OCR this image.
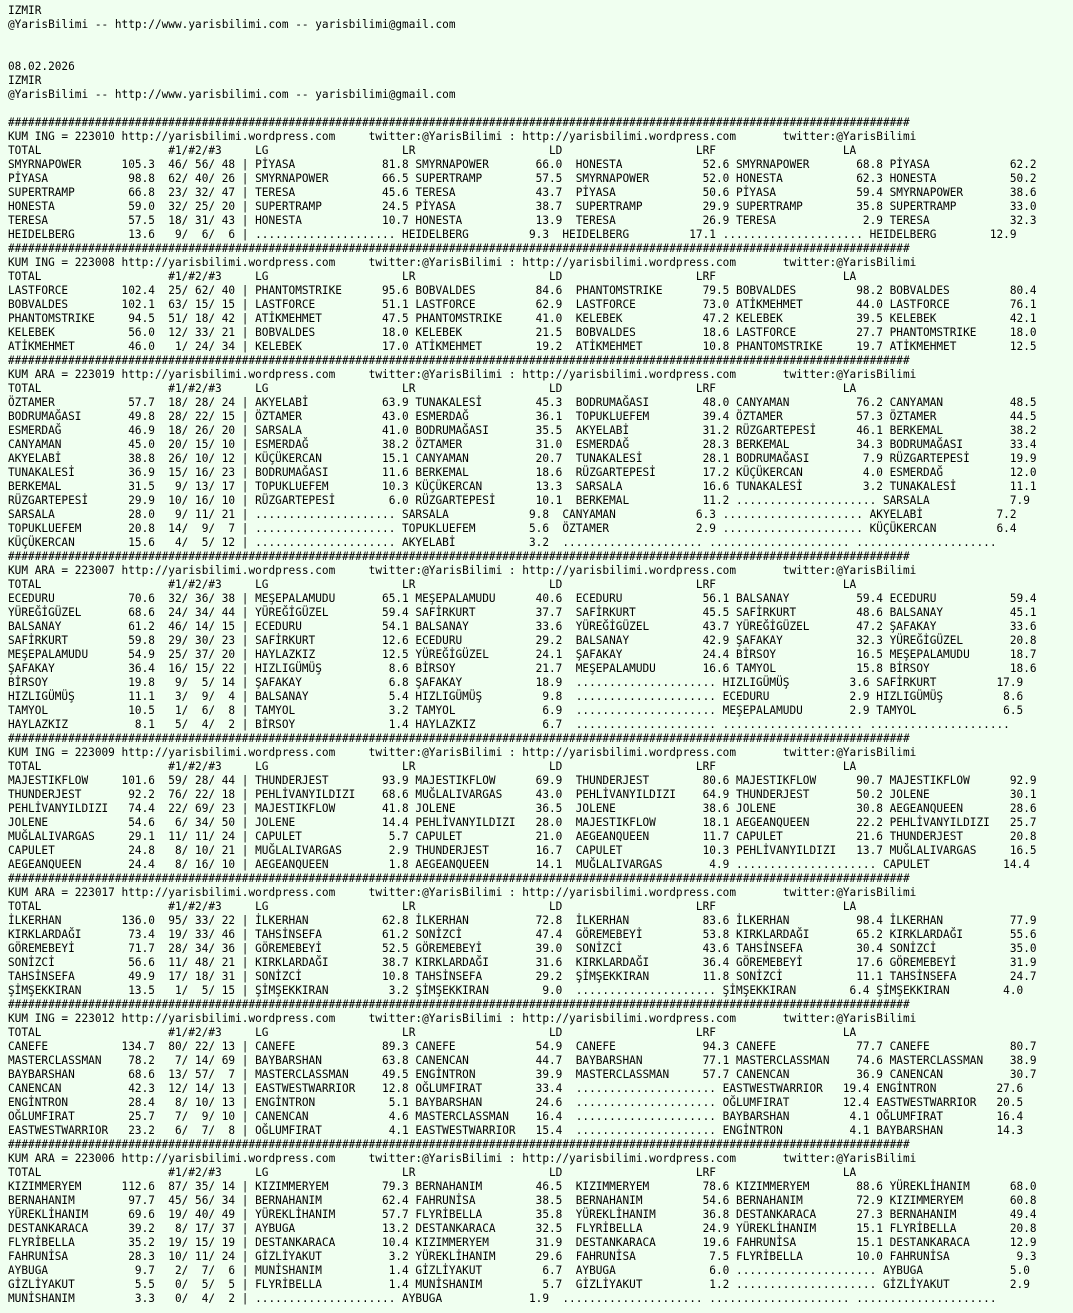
IZMIR
@YarisBilimi -- http://www.yarisbilimi.com -- yarisbilimi@gmail.com
08.02.2026
IZMIR
@YarisBilimi -- http://www.yarisbilimi.com -- yarisbilimi@gmail.com
#######################################################################################################################################
KUM ING = 223010 http://yarisbilimi.wordpress.com     twitter:@YarisBilimi : http://yarisbilimi.wordpress.com       twitter:@YarisBilimi
TOTAL                   #1/#2/#3     LG                    LR                    LD                    LRF                   LA
SMYRNAPOWER      105.3  46/ 56/ 48 | PİYASA             81.8 SMYRNAPOWER       66.0  HONESTA            52.6 SMYRNAPOWER       68.8 PİYASA            62.2
PİYASA            98.8  62/ 40/ 26 | SMYRNAPOWER        66.5 SUPERTRAMP        57.5  SMYRNAPOWER        52.0 HONESTA           62.3 HONESTA           50.2
SUPERTRAMP        66.8  23/ 32/ 47 | TERESA             45.6 TERESA            43.7  PİYASA             50.6 PİYASA            59.4 SMYRNAPOWER       38.6
HONESTA           59.0  32/ 25/ 20 | SUPERTRAMP         24.5 PİYASA            38.7  SUPERTRAMP         29.9 SUPERTRAMP        35.8 SUPERTRAMP        33.0
TERESA            57.5  18/ 31/ 43 | HONESTA            10.7 HONESTA           13.9  TERESA             26.9 TERESA             2.9 TERESA            32.3
HEIDELBERG        13.6   9/  6/  6 | ..................... HEIDELBERG         9.3  HEIDELBERG         17.1 ..................... HEIDELBERG        12.9
#######################################################################################################################################
KUM ING = 223008 http://yarisbilimi.wordpress.com     twitter:@YarisBilimi : http://yarisbilimi.wordpress.com       twitter:@YarisBilimi
TOTAL                   #1/#2/#3     LG                    LR                    LD                    LRF                   LA
LASTFORCE        102.4  25/ 62/ 40 | PHANTOMSTRIKE      95.6 BOBVALDES         84.6  PHANTOMSTRIKE      79.5 BOBVALDES         98.2 BOBVALDES         80.4
BOBVALDES        102.1  63/ 15/ 15 | LASTFORCE          51.1 LASTFORCE         62.9  LASTFORCE          73.0 ATİKMEHMET        44.0 LASTFORCE         76.1
PHANTOMSTRIKE     94.5  51/ 18/ 42 | ATİKMEHMET         47.5 PHANTOMSTRIKE     41.0  KELEBEK            47.2 KELEBEK           39.5 KELEBEK           42.1
KELEBEK           56.0  12/ 33/ 21 | BOBVALDES          18.0 KELEBEK           21.5  BOBVALDES          18.6 LASTFORCE         27.7 PHANTOMSTRIKE     18.0
ATİKMEHMET        46.0   1/ 24/ 34 | KELEBEK            17.0 ATİKMEHMET        19.2  ATİKMEHMET         10.8 PHANTOMSTRIKE     19.7 ATİKMEHMET        12.5
#######################################################################################################################################
KUM ARA = 223019 http://yarisbilimi.wordpress.com     twitter:@YarisBilimi : http://yarisbilimi.wordpress.com       twitter:@YarisBilimi
TOTAL                   #1/#2/#3     LG                    LR                    LD                    LRF                   LA
ÖZTAMER           57.7  18/ 28/ 24 | AKYELABİ           63.9 TUNAKALESİ        45.3  BODRUMAĞASI        48.0 CANYAMAN          76.2 CANYAMAN          48.5
BODRUMAĞASI       49.8  28/ 22/ 15 | ÖZTAMER            43.0 ESMERDAĞ          36.1  TOPUKLUEFEM        39.4 ÖZTAMER           57.3 ÖZTAMER           44.5
ESMERDAĞ          46.9  18/ 26/ 20 | SARSALA            41.0 BODRUMAĞASI       35.5  AKYELABİ           31.2 RÜZGARTEPESİ      46.1 BERKEMAL          38.2
CANYAMAN          45.0  20/ 15/ 10 | ESMERDAĞ           38.2 ÖZTAMER           31.0  ESMERDAĞ           28.3 BERKEMAL          34.3 BODRUMAĞASI       33.4
AKYELABİ          38.8  26/ 10/ 12 | KÜÇÜKERCAN         15.1 CANYAMAN          20.7  TUNAKALESİ         28.1 BODRUMAĞASI        7.9 RÜZGARTEPESİ      19.9
TUNAKALESİ        36.9  15/ 16/ 23 | BODRUMAĞASI        11.6 BERKEMAL          18.6  RÜZGARTEPESİ       17.2 KÜÇÜKERCAN         4.0 ESMERDAĞ          12.0
BERKEMAL          31.5   9/ 13/ 17 | TOPUKLUEFEM        10.3 KÜÇÜKERCAN        13.3  SARSALA            16.6 TUNAKALESİ         3.2 TUNAKALESİ        11.1
RÜZGARTEPESİ      29.9  10/ 16/ 10 | RÜZGARTEPESİ        6.0 RÜZGARTEPESİ      10.1  BERKEMAL           11.2 ..................... SARSALA            7.9
SARSALA           28.0   9/ 11/ 21 | ..................... SARSALA            9.8  CANYAMAN            6.3 ..................... AKYELABİ           7.2
TOPUKLUEFEM       20.8  14/  9/  7 | ..................... TOPUKLUEFEM        5.6  ÖZTAMER             2.9 ..................... KÜÇÜKERCAN         6.4
KÜÇÜKERCAN        15.6   4/  5/ 12 | ..................... AKYELABİ           3.2  ..................... ..................... .....................
#######################################################################################################################################
KUM ARA = 223007 http://yarisbilimi.wordpress.com     twitter:@YarisBilimi : http://yarisbilimi.wordpress.com       twitter:@YarisBilimi
TOTAL                   #1/#2/#3     LG                    LR                    LD                    LRF                   LA
ECEDURU           70.6  32/ 36/ 38 | MEŞEPALAMUDU       65.1 MEŞEPALAMUDU      40.6  ECEDURU            56.1 BALSANAY          59.4 ECEDURU           59.4
YÜREĞİGÜZEL       68.6  24/ 34/ 44 | YÜREĞİGÜZEL        59.4 SAFİRKURT         37.7  SAFİRKURT          45.5 SAFİRKURT         48.6 BALSANAY          45.1
BALSANAY          61.2  46/ 14/ 15 | ECEDURU            54.1 BALSANAY          33.6  YÜREĞİGÜZEL        43.7 YÜREĞİGÜZEL       47.2 ŞAFAKAY           33.6
SAFİRKURT         59.8  29/ 30/ 23 | SAFİRKURT          12.6 ECEDURU           29.2  BALSANAY           42.9 ŞAFAKAY           32.3 YÜREĞİGÜZEL       20.8
MEŞEPALAMUDU      54.9  25/ 37/ 20 | HAYLAZKIZ          12.5 YÜREĞİGÜZEL       24.1  ŞAFAKAY            24.4 BİRSOY            16.5 MEŞEPALAMUDU      18.7
ŞAFAKAY           36.4  16/ 15/ 22 | HIZLIGÜMÜŞ          8.6 BİRSOY            21.7  MEŞEPALAMUDU       16.6 TAMYOL            15.8 BİRSOY            18.6
BİRSOY            19.8   9/  5/ 14 | ŞAFAKAY             6.8 ŞAFAKAY           18.9  ..................... HIZLIGÜMÜŞ         3.6 SAFİRKURT         17.9
HIZLIGÜMÜŞ        11.1   3/  9/  4 | BALSANAY            5.4 HIZLIGÜMÜŞ         9.8  ..................... ECEDURU            2.9 HIZLIGÜMÜŞ         8.6
TAMYOL            10.5   1/  6/  8 | TAMYOL              3.2 TAMYOL             6.9  ..................... MEŞEPALAMUDU       2.9 TAMYOL             6.5
HAYLAZKIZ          8.1   5/  4/  2 | BİRSOY              1.4 HAYLAZKIZ          6.7  ..................... ..................... .....................
#######################################################################################################################################
KUM ING = 223009 http://yarisbilimi.wordpress.com     twitter:@YarisBilimi : http://yarisbilimi.wordpress.com       twitter:@YarisBilimi
TOTAL                   #1/#2/#3     LG                    LR                    LD                    LRF                   LA
MAJESTIKFLOW     101.6  59/ 28/ 44 | THUNDERJEST        93.9 MAJESTIKFLOW      69.9  THUNDERJEST        80.6 MAJESTIKFLOW      90.7 MAJESTIKFLOW      92.9
THUNDERJEST       92.2  76/ 22/ 18 | PEHLİVANYILDIZI    68.6 MUĞLALIVARGAS     43.0  PEHLİVANYILDIZI    64.9 THUNDERJEST       50.2 JOLENE            30.1
PEHLİVANYILDIZI   74.4  22/ 69/ 23 | MAJESTIKFLOW       41.8 JOLENE            36.5  JOLENE             38.6 JOLENE            30.8 AEGEANQUEEN       28.6
JOLENE            54.6   6/ 34/ 50 | JOLENE             14.4 PEHLİVANYILDIZI   28.0  MAJESTIKFLOW       18.1 AEGEANQUEEN       22.2 PEHLİVANYILDIZI   25.7
MUĞLALIVARGAS     29.1  11/ 11/ 24 | CAPULET             5.7 CAPULET           21.0  AEGEANQUEEN        11.7 CAPULET           21.6 THUNDERJEST       20.8
CAPULET           24.8   8/ 10/ 21 | MUĞLALIVARGAS       2.9 THUNDERJEST       16.7  CAPULET            10.3 PEHLİVANYILDIZI   13.7 MUĞLALIVARGAS     16.5
AEGEANQUEEN       24.4   8/ 16/ 10 | AEGEANQUEEN         1.8 AEGEANQUEEN       14.1  MUĞLALIVARGAS       4.9 ..................... CAPULET           14.4
#######################################################################################################################################
KUM ARA = 223017 http://yarisbilimi.wordpress.com     twitter:@YarisBilimi : http://yarisbilimi.wordpress.com       twitter:@YarisBilimi
TOTAL                   #1/#2/#3     LG                    LR                    LD                    LRF                   LA
İLKERHAN         136.0  95/ 33/ 22 | İLKERHAN           62.8 İLKERHAN          72.8  İLKERHAN           83.6 İLKERHAN          98.4 İLKERHAN          77.9
KIRKLARDAĞI       73.4  19/ 33/ 46 | TAHSİNSEFA         61.2 SONİZCİ           47.4  GÖREMEBEYİ         53.8 KIRKLARDAĞI       65.2 KIRKLARDAĞI       55.6
GÖREMEBEYİ        71.7  28/ 34/ 36 | GÖREMEBEYİ         52.5 GÖREMEBEYİ        39.0  SONİZCİ            43.6 TAHSİNSEFA        30.4 SONİZCİ           35.0
SONİZCİ           56.6  11/ 48/ 21 | KIRKLARDAĞI        38.7 KIRKLARDAĞI       31.6  KIRKLARDAĞI        36.4 GÖREMEBEYİ        17.6 GÖREMEBEYİ        31.9
TAHSİNSEFA        49.9  17/ 18/ 31 | SONİZCİ            10.8 TAHSİNSEFA        29.2  ŞİMŞEKKIRAN        11.8 SONİZCİ           11.1 TAHSİNSEFA        24.7
ŞİMŞEKKIRAN       13.5   1/  5/ 15 | ŞİMŞEKKIRAN         3.2 ŞİMŞEKKIRAN        9.0  ..................... ŞİMŞEKKIRAN        6.4 ŞİMŞEKKIRAN        4.0
#######################################################################################################################################
KUM ING = 223012 http://yarisbilimi.wordpress.com     twitter:@YarisBilimi : http://yarisbilimi.wordpress.com       twitter:@YarisBilimi
TOTAL                   #1/#2/#3     LG                    LR                    LD                    LRF                   LA
CANEFE           134.7  80/ 22/ 13 | CANEFE             89.3 CANEFE            54.9  CANEFE             94.3 CANEFE            77.7 CANEFE            80.7
MASTERCLASSMAN    78.2   7/ 14/ 69 | BAYBARSHAN         63.8 CANENCAN          44.7  BAYBARSHAN         77.1 MASTERCLASSMAN    74.6 MASTERCLASSMAN    38.9
BAYBARSHAN        68.6  13/ 57/  7 | MASTERCLASSMAN     49.5 ENGİNTRON         39.9  MASTERCLASSMAN     57.7 CANENCAN          36.9 CANENCAN          30.7
CANENCAN          42.3  12/ 14/ 13 | EASTWESTWARRIOR    12.8 OĞLUMFIRAT        33.4  ..................... EASTWESTWARRIOR   19.4 ENGİNTRON         27.6
ENGİNTRON         28.4   8/ 10/ 13 | ENGİNTRON           5.1 BAYBARSHAN        24.6  ..................... OĞLUMFIRAT        12.4 EASTWESTWARRIOR   20.5
OĞLUMFIRAT        25.7   7/  9/ 10 | CANENCAN            4.6 MASTERCLASSMAN    16.4  ..................... BAYBARSHAN         4.1 OĞLUMFIRAT        16.4
EASTWESTWARRIOR   23.2   6/  7/  8 | OĞLUMFIRAT          4.1 EASTWESTWARRIOR   15.4  ..................... ENGİNTRON          4.1 BAYBARSHAN        14.3
#######################################################################################################################################
KUM ARA = 223006 http://yarisbilimi.wordpress.com     twitter:@YarisBilimi : http://yarisbilimi.wordpress.com       twitter:@YarisBilimi
TOTAL                   #1/#2/#3     LG                    LR                    LD                    LRF                   LA
KIZIMMERYEM      112.6  87/ 35/ 14 | KIZIMMERYEM        79.3 BERNAHANIM        46.5  KIZIMMERYEM        78.6 KIZIMMERYEM       88.6 YÜREKLİHANIM      68.0
BERNAHANIM        97.7  45/ 56/ 34 | BERNAHANIM         62.4 FAHRUNİSA         38.5  BERNAHANIM         54.6 BERNAHANIM        72.9 KIZIMMERYEM       60.8
YÜREKLİHANIM      69.6  19/ 40/ 49 | YÜREKLİHANIM       57.7 FLYRİBELLA        35.8  YÜREKLİHANIM       36.8 DESTANKARACA      27.3 BERNAHANIM        49.4
DESTANKARACA      39.2   8/ 17/ 37 | AYBUGA             13.2 DESTANKARACA      32.5  FLYRİBELLA         24.9 YÜREKLİHANIM      15.1 FLYRİBELLA        20.8
FLYRİBELLA        35.2  19/ 15/ 19 | DESTANKARACA       10.4 KIZIMMERYEM       31.9  DESTANKARACA       19.6 FAHRUNİSA         15.1 DESTANKARACA      12.9
FAHRUNİSA         28.3  10/ 11/ 24 | GİZLİYAKUT          3.2 YÜREKLİHANIM      29.6  FAHRUNİSA           7.5 FLYRİBELLA        10.0 FAHRUNİSA          9.3
AYBUGA             9.7   2/  7/  6 | MUNİSHANIM          1.4 GİZLİYAKUT         6.7  AYBUGA              6.0 ..................... AYBUGA             5.0
GİZLİYAKUT         5.5   0/  5/  5 | FLYRİBELLA          1.4 MUNİSHANIM         5.7  GİZLİYAKUT          1.2 ..................... GİZLİYAKUT         2.9
MUNİSHANIM         3.3   0/  4/  2 | ..................... AYBUGA             1.9  ..................... ..................... .....................
